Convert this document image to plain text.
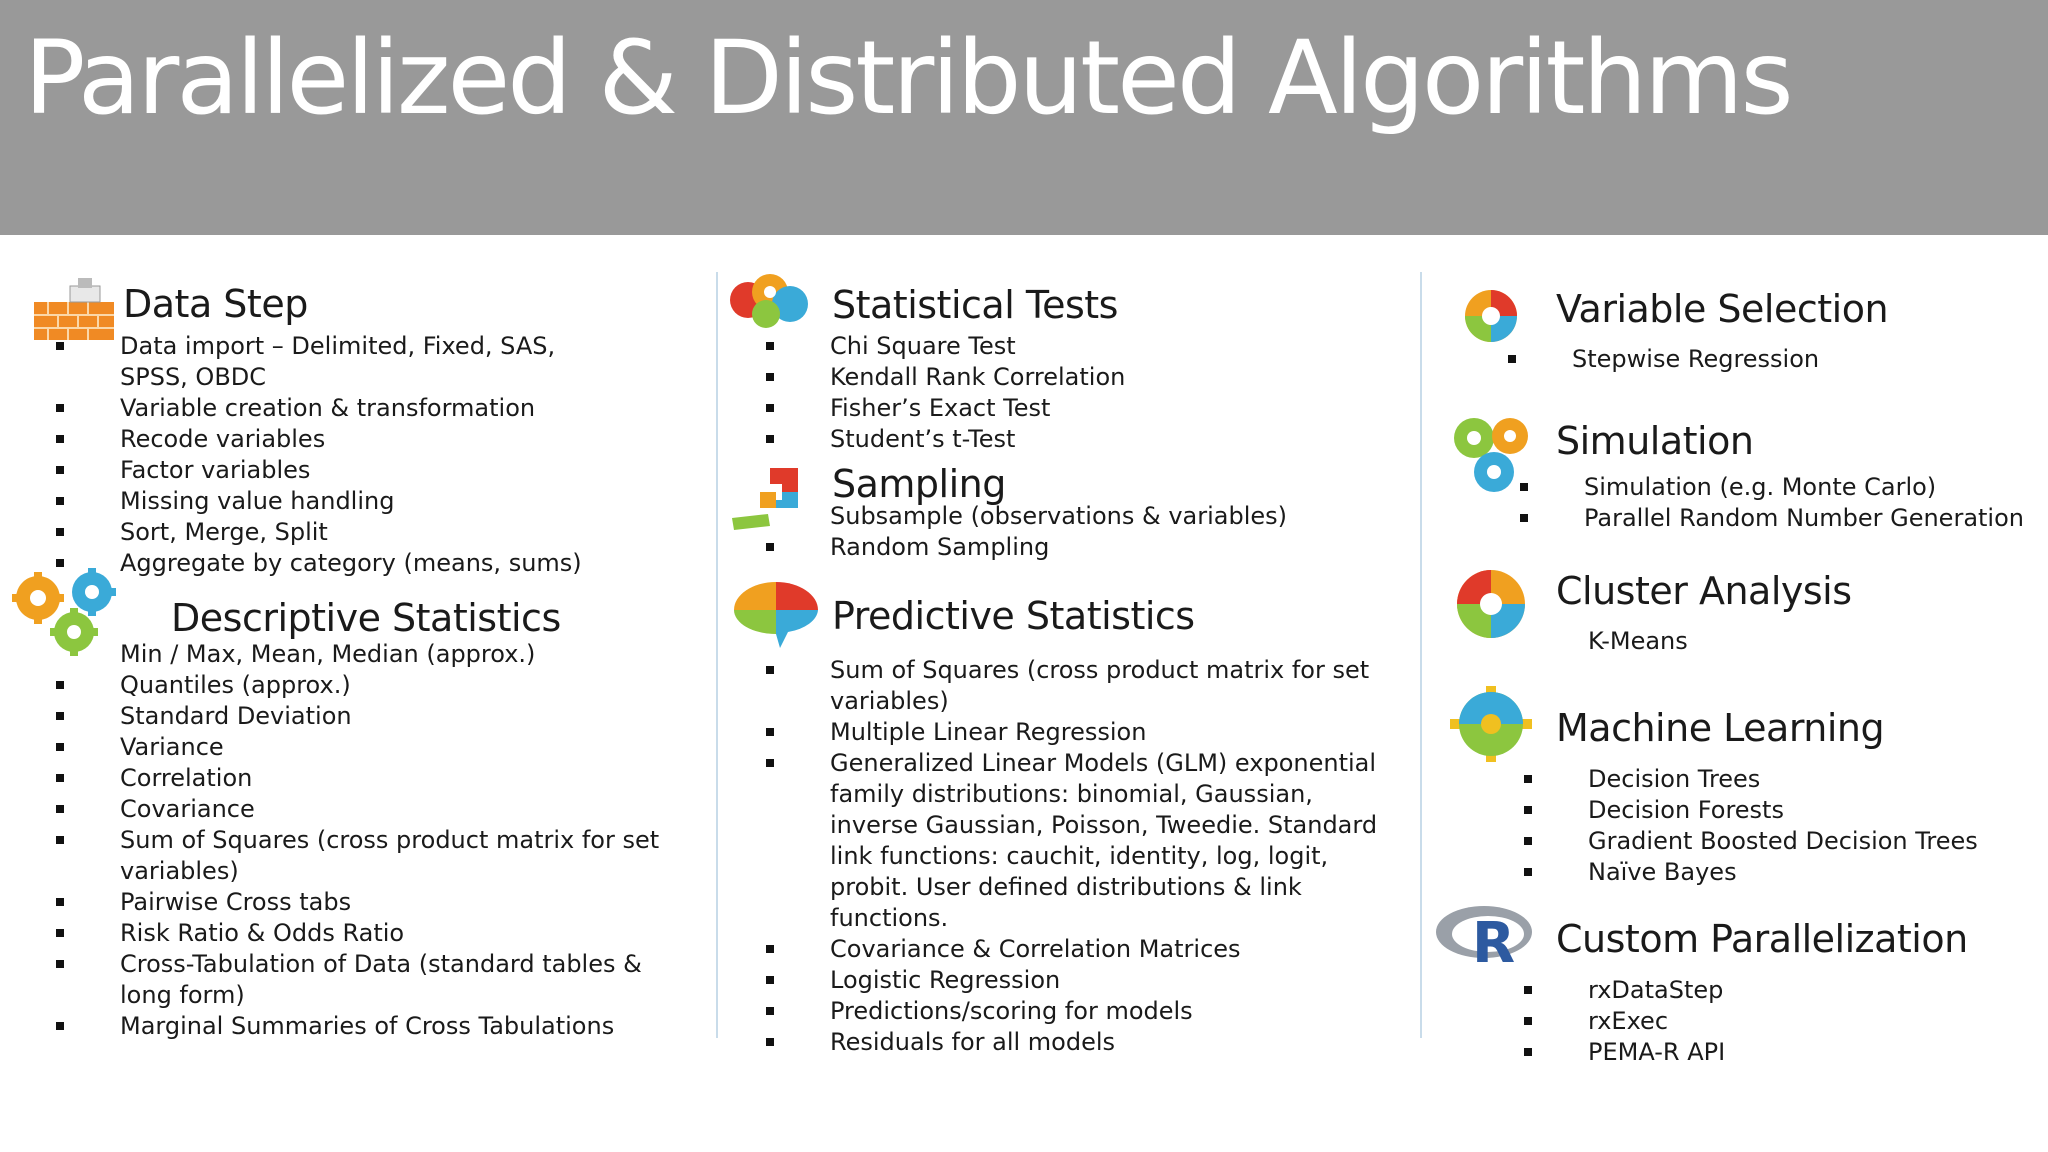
Parallelized & Distributed Algorithms
Data Step
Data import – Delimited, Fixed, SAS, SPSS, OBDC
Variable creation & transformation
Recode variables
Factor variables
Missing value handling
Sort, Merge, Split
Aggregate by category (means, sums)
Descriptive Statistics
Min / Max, Mean, Median (approx.)
Quantiles (approx.)
Standard Deviation
Variance
Correlation
Covariance
Sum of Squares (cross product matrix for set variables)
Pairwise Cross tabs
Risk Ratio & Odds Ratio
Cross-Tabulation of Data (standard tables & long form)
Marginal Summaries of Cross Tabulations
Statistical Tests
Chi Square Test
Kendall Rank Correlation
Fisher’s Exact Test
Student’s t-Test
Sampling
Subsample (observations & variables)
Random Sampling
Predictive Statistics
Sum of Squares (cross product matrix for set variables)
Multiple Linear Regression
Generalized Linear Models (GLM) exponential family distributions: binomial, Gaussian, inverse Gaussian, Poisson, Tweedie. Standard link functions: cauchit, identity, log, logit, probit. User defined distributions & link functions.
Covariance & Correlation Matrices
Logistic Regression
Predictions/scoring for models
Residuals for all models
Variable Selection
Stepwise Regression
Simulation
Simulation (e.g. Monte Carlo)
Parallel Random Number Generation
Cluster Analysis
K-Means
Machine Learning
Decision Trees
Decision Forests
Gradient Boosted Decision Trees
Naïve Bayes
R Custom Parallelization
rxDataStep
rxExec
PEMA-R API
